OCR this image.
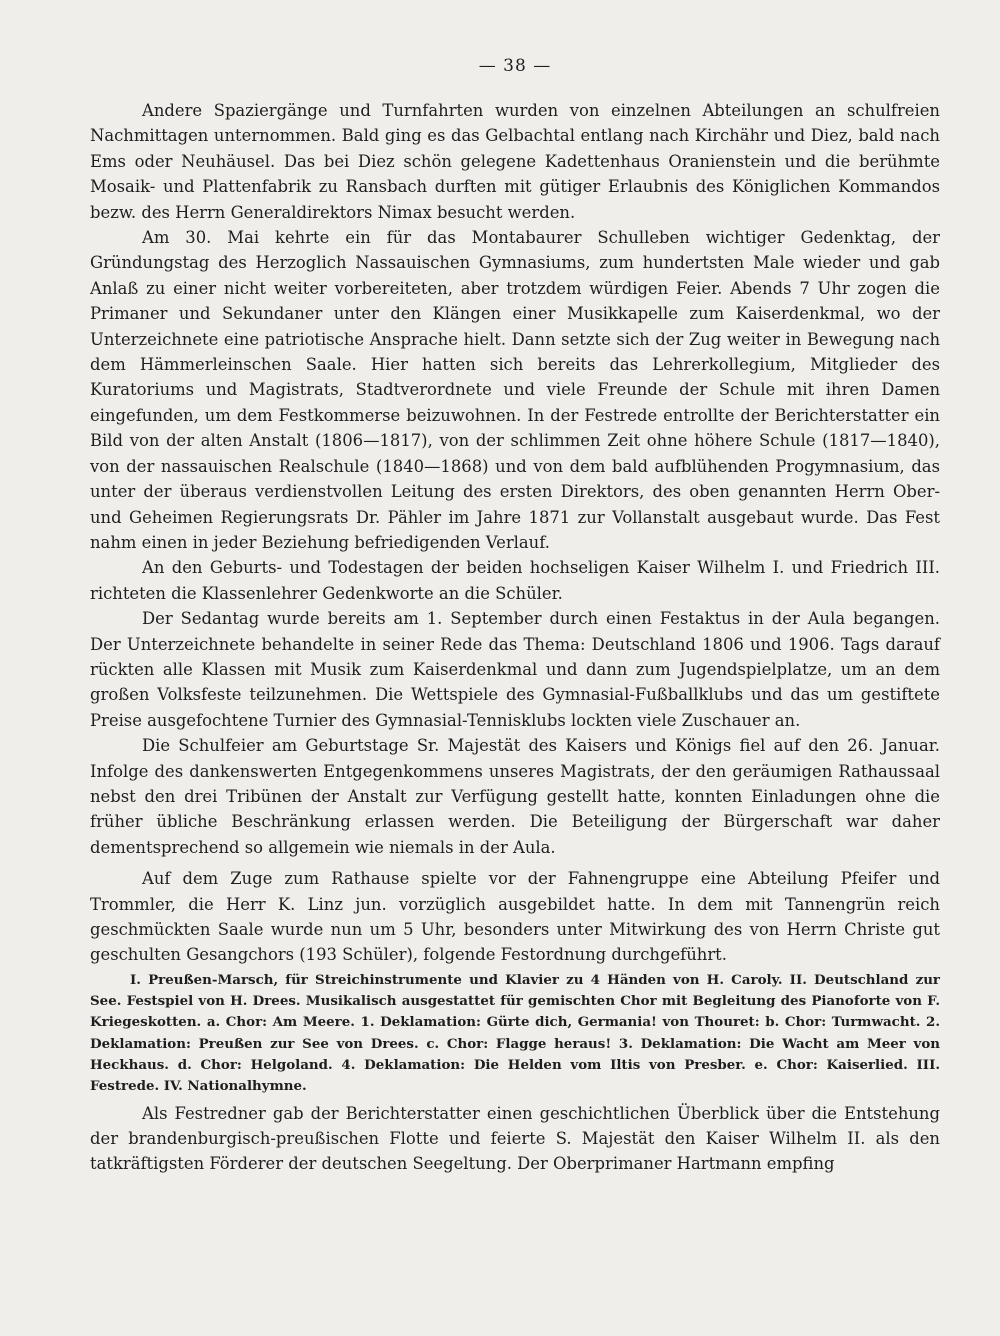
— 38 —

Andere Spaziergänge und Turnfahrten wurden von einzelnen Abteilungen an schulfreien Nachmittagen unternommen. Bald ging es das Gelbachtal entlang nach Kirchähr und Diez, bald nach Ems oder Neuhäusel. Das bei Diez schön gelegene Kadettenhaus Oranienstein und die berühmte Mosaik- und Plattenfabrik zu Ransbach durften mit gütiger Erlaubnis des Königlichen Kommandos bezw. des Herrn Generaldirektors Nimax besucht werden.

Am 30. Mai kehrte ein für das Montabaurer Schulleben wichtiger Gedenktag, der Gründungstag des Herzoglich Nassauischen Gymnasiums, zum hundertsten Male wieder und gab Anlaß zu einer nicht weiter vorbereiteten, aber trotzdem würdigen Feier. Abends 7 Uhr zogen die Primaner und Sekundaner unter den Klängen einer Musikkapelle zum Kaiserdenkmal, wo der Unterzeichnete eine patriotische Ansprache hielt. Dann setzte sich der Zug weiter in Bewegung nach dem Hämmerleinschen Saale. Hier hatten sich bereits das Lehrerkollegium, Mitglieder des Kuratoriums und Magistrats, Stadtverordnete und viele Freunde der Schule mit ihren Damen eingefunden, um dem Festkommerse beizuwohnen. In der Festrede entrollte der Berichterstatter ein Bild von der alten Anstalt (1806—1817), von der schlimmen Zeit ohne höhere Schule (1817—1840), von der nassauischen Realschule (1840—1868) und von dem bald aufblühenden Progymnasium, das unter der überaus verdienstvollen Leitung des ersten Direktors, des oben genannten Herrn Ober- und Geheimen Regierungsrats Dr. Pähler im Jahre 1871 zur Vollanstalt ausgebaut wurde. Das Fest nahm einen in jeder Beziehung befriedigenden Verlauf.

An den Geburts- und Todestagen der beiden hochseligen Kaiser Wilhelm I. und Friedrich III. richteten die Klassenlehrer Gedenkworte an die Schüler.

Der Sedantag wurde bereits am 1. September durch einen Festaktus in der Aula begangen. Der Unterzeichnete behandelte in seiner Rede das Thema: Deutschland 1806 und 1906. Tags darauf rückten alle Klassen mit Musik zum Kaiserdenkmal und dann zum Jugendspielplatze, um an dem großen Volksfeste teilzunehmen. Die Wettspiele des Gymnasial-Fußballklubs und das um gestiftete Preise ausgefochtene Turnier des Gymnasial-Tennisklubs lockten viele Zuschauer an.

Die Schulfeier am Geburtstage Sr. Majestät des Kaisers und Königs fiel auf den 26. Januar. Infolge des dankenswerten Entgegenkommens unseres Magistrats, der den geräumigen Rathaussaal nebst den drei Tribünen der Anstalt zur Verfügung gestellt hatte, konnten Einladungen ohne die früher übliche Beschränkung erlassen werden. Die Beteiligung der Bürgerschaft war daher dementsprechend so allgemein wie niemals in der Aula.

Auf dem Zuge zum Rathause spielte vor der Fahnengruppe eine Abteilung Pfeifer und Trommler, die Herr K. Linz jun. vorzüglich ausgebildet hatte. In dem mit Tannengrün reich geschmückten Saale wurde nun um 5 Uhr, besonders unter Mitwirkung des von Herrn Christe gut geschulten Gesangchors (193 Schüler), folgende Festordnung durchgeführt.

I. Preußen-Marsch, für Streichinstrumente und Klavier zu 4 Händen von H. Caroly. II. Deutschland zur See. Festspiel von H. Drees. Musikalisch ausgestattet für gemischten Chor mit Begleitung des Pianoforte von F. Kriegeskotten. a. Chor: Am Meere. 1. Deklamation: Gürte dich, Germania! von Thouret: b. Chor: Turmwacht. 2. Deklamation: Preußen zur See von Drees. c. Chor: Flagge heraus! 3. Deklamation: Die Wacht am Meer von Heckhaus. d. Chor: Helgoland. 4. Deklamation: Die Helden vom Iltis von Presber. e. Chor: Kaiserlied. III. Festrede. IV. Nationalhymne.

Als Festredner gab der Berichterstatter einen geschichtlichen Überblick über die Entstehung der brandenburgisch-preußischen Flotte und feierte S. Majestät den Kaiser Wilhelm II. als den tatkräftigsten Förderer der deutschen Seegeltung. Der Oberprimaner Hartmann empfing
